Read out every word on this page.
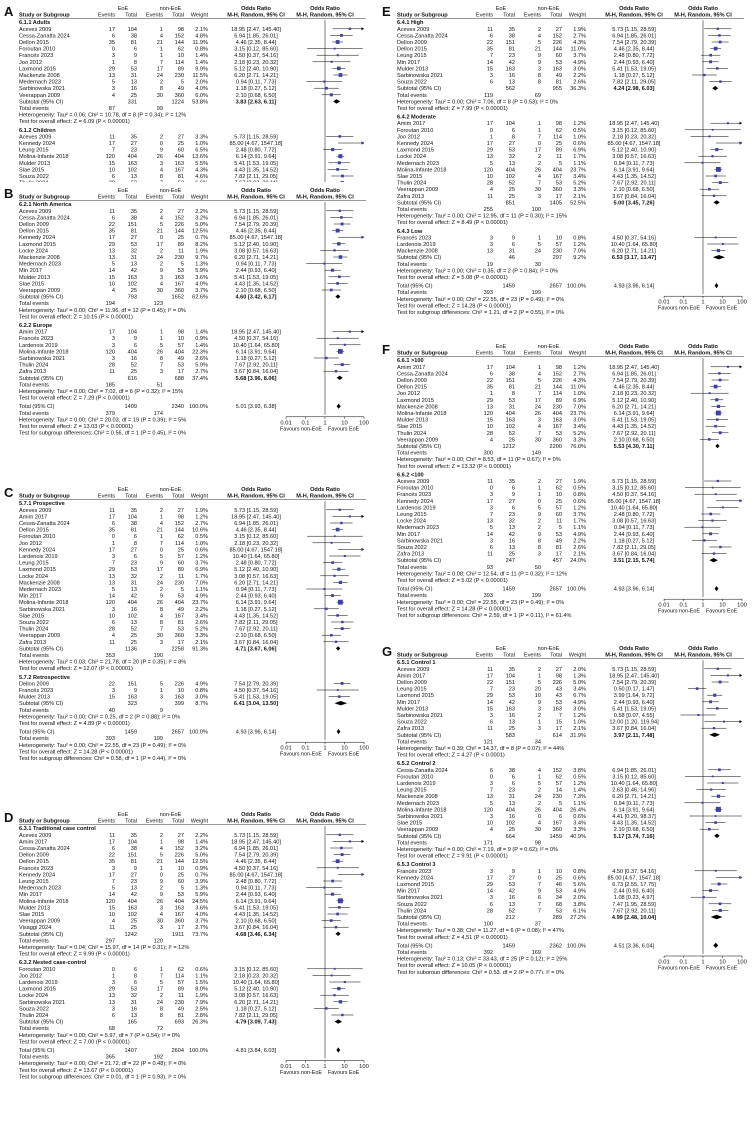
EoE	non-EoE	Odds Ratio	Odds Ratio
Study or Subgroup	Events Total Events Total Weight	M-H, Random, 95% CI M-H, Random, 95% CI
6.1.1 Adults
Aceves 2009	17 104	1	98 2.1%	18.95 [2.47, 145.40]
Cessa-Zanatta 2024	6	38	4 152 4.8%	6.94 [1.85, 26.01]
Dellon 2015	35	81	21 144 11.9%	4.46 [2.35, 8.44]
Foroutan 2010	0	6	1	62 0.8%	3.15 [0.12, 85.60]
Francés 2023	3	9	1	10 1.4%	4.50 [0.37, 54.16]
Joo 2012	1	8	7 114 1.4%	2.18 [0.23, 20.32]
Laxmond 2015	29	53	17	89 9.9%	5.12 [2.40, 10.90]
Mackenzie 2008	13	31	24 230 11.5%	6.20 [2.71, 14.21]
Medernach 2023	5	13	2	5 2.0%	0.94 [0.11, 7.73]
Sarbinowska 2021	3	16	8	49 4.0%	1.18 [0.27, 5.12]
Veerappan 2009	4	25	30 360 6.0%	2.10 [0.68, 6.50]
Subtotal (95% CI)	331	1224 53.8%	3.83 [2.63, 6.11]
Total events	87	99
Heterogeneity: Tau² = 0.06; Chi² = 10.78, df = 8 (P = 0.34); I² = 12%
Test for overall effect: Z = 6.09 (P < 0.00001)
6.1.2 Children
Aceves 2009	11	35	2	27 3.3%	5.73 [1.15, 28.59]
Kennedy 2024	17	27	0	25 1.0%	85.00 [4.67, 1547.18]
Leung 2015	7	23	9	60 6.5%	2.48 [0.80, 7.72]
Molina-Infante 2018	120 404	26 404 13.6%	6.14 [3.91, 9.64]
Mulder 2013	15 163	3 163 5.5%	5.41 [1.53, 19.05]
Slae 2015	10 102	4 167 4.3%	4.43 [1.35, 14.52]
Souza 2022	6	13	8	81 4.6%	7.82 [2.11, 29.05]
A
EoE	non-EoE	Odds Ratio	Odds Ratio
Study or Subgroup	Events Total Events Total Weight	M-H, Random, 95% CI M-H, Random, 95% CI
6.2.1 North America
Aceves 2009	11	35	2	27 2.2%	5.73 [1.15, 28.59]
Cessa-Zanatta 2024	6	38	4 152 3.2%	6.94 [1.85, 26.01]
Dellon 2009	22 151	5 226 5.0%	7.54 [2.79, 20.39]
Dellon 2015	35	81	21 144 12.5%	4.46 [2.35, 8.44]
Kennedy 2024	17	27	0	25 0.7%	85.00 [4.67, 1547.18]
Laxmond 2015	29	53	17	89 8.2%	5.12 [2.40, 10.90]
Locke 2024	13	32	2	11 1.9%	3.08 [0.57, 16.63]
Mackenzie 2008	13	31	24 230 9.7%	6.20 [2.71, 14.21]
Medernach 2023	5	13	2	5 1.3%	0.94 [0.11, 7.73]
Min 2017	14	42	9	53 5.9%	2.44 [0.93, 6.40]
Mulder 2013	15 163	3 163 3.6%	5.41 [1.53, 19.05]
Slae 2015	10 102	4 167 4.0%	4.43 [1.35, 14.52]
Veerappan 2009	4	25	30 360 3.7%	2.10 [0.68, 6.50]
Subtotal (95% CI)	793	1652 62.6%	4.60 [3.42, 6.17]
Total events	194	123
Heterogeneity: Tau² = 0.00; Chi² = 11.96, df = 12 (P = 0.45); I² = 0%
Test for overall effect: Z = 10.15 (P < 0.00001)
6.2.2 Europe
Amim 2017	17 104	1	98 1.4%	18.95 [2.47, 145.40]
Francés 2023	3	9	1	10 0.9%	4.50 [0.37, 54.16]
Lardenois 2019	3	6	5	57 1.4%	10.40 [1.64, 65.80]
Molina-Infante 2018	120 404	26 404 22.3%	6.14 [3.91, 9.64]
Sarbinowska 2021	3	16	8	49 2.6%	1.18 [0.27, 5.12]
Thulin 2024	28	52	7	53 5.9%	7.67 [2.92, 20.11]
Zafra 2013	11	25	3	17 2.7%	3.67 [0.84, 16.04]
Subtotal (95% CI)	616	688 37.4%	5.68 [3.96, 8.06]
Total events	185	51
Heterogeneity: Tau² = 0.00; Chi² = 7.02, df = 6 (P = 0.32); I² = 15%
Test for overall effect: Z = 7.29 (P < 0.00001)
Total (95% CI)	1409	2340 100.0%	5.01 [3.93, 6.38]
Total events	379	174
Heterogeneity: Tau² = 0.00; Chi² = 20.03, df = 19 (P = 0.39); I² = 5%
Test for overall effect: Z = 13.03 (P < 0.00001)
Test for subgroup differences: Chi² = 0.56, df = 1 (P = 0.45), I² = 0%
0.01 0.1 1	10 100
Favours non-EoE Favours EoE
B
EoE	non-EoE	Odds Ratio	Odds Ratio
Study or Subgroup	Events Total Events Total Weight	M-H, Random, 95% CI M-H, Random, 95% CI
5.7.1 Prospective
Aceves 2009	11	35	2	27 1.9%	5.73 [1.15, 28.59]
Amim 2017	17 104	1	98 1.2%	18.95 [2.47, 145.40]
Cessa-Zanatta 2024	6	38	4 152 2.7%	6.94 [1.85, 26.01]
Dellon 2015	35	81	21 144 10.6%	4.46 [2.35, 8.44]
Foroutan 2010	0	6	1	62 0.5%	3.15 [0.12, 85.60]
Joo 2012	1	8	7 114 1.0%	2.18 [0.23, 20.32]
Kennedy 2024	17	27	0	25 0.6%	85.00 [4.67, 1547.18]
Lardenois 2019	3	6	5	57 1.2%	10.40 [1.64, 65.80]
Leung 2015	7	23	9	60 3.7%	2.48 [0.80, 7.72]
Laxmond 2015	29	53	17	89 6.9%	5.12 [2.40, 10.90]
Locke 2024	13	32	2	11 1.7%	3.08 [0.57, 16.63]
Mackenzie 2008	13	31	24 230 7.0%	6.20 [2.71, 14.21]
Medernach 2023	5	13	2	5 1.1%	0.94 [0.11, 7.73]
Min 2017	14	42	9	53 4.9%	2.44 [0.93, 6.40]
Molina-Infante 2018	120 404	26 404 23.7%	6.14 [3.91, 9.64]
Sarbinowska 2021	3	16	8	49 2.2%	1.18 [0.27, 5.12]
Slae 2015	10 102	4 167 3.4%	4.43 [1.35, 14.52]
Souza 2022	6	13	8	81 2.6%	7.82 [2.11, 29.05]
Thulin 2024	28	52	7	53 5.2%	7.67 [2.92, 20.11]
Veerappan 2009	4	25	30 360 3.3%	2.10 [0.68, 6.50]
Zafra 2013	11	25	3	17 2.1%	3.67 [0.84, 16.04]
Subtotal (95% CI)	1136	2258 91.3%	4.71 [3.67, 6.06]
Total events	353	190
Heterogeneity: Tau² = 0.03; Chi² = 21.78, df = 20 (P = 0.35); I² = 8%
Test for overall effect: Z = 12.07 (P < 0.00001)
5.7.2 Retrospective
Dellon 2009	22 151	5 226 4.9%	7.54 [2.79, 20.39]
Francés 2023	3	9	1	10 0.8%	4.50 [0.37, 54.16]
Mulder 2013	15 163	3 163 3.0%	5.41 [1.53, 19.05]
Subtotal (95% CI)	323	399 8.7%	6.41 [3.04, 13.50]
Total events	40	9
Heterogeneity: Tau² = 0.00; Chi² = 0.25, df = 2 (P = 0.88); I² = 0%
Test for overall effect: Z = 4.89 (P < 0.00001)
Total (95% CI)	1459	2657 100.0%	4.93 [3.96, 6.14]
Total events	393	199
Heterogeneity: Tau² = 0.00; Chi² = 22.55, df = 23 (P = 0.49); I² = 0%
Test for overall effect: Z = 14.28 (P < 0.00001)
Test for subgroup differences: Chi² = 0.58, df = 1 (P = 0.44), I² = 0%
0.01 0.1 1	10 100
Favours non-EoE Favours EoE
C
EoE	non-EoE	Odds Ratio	Odds Ratio
Study or Subgroup	Events Total Events Total Weight	M-H, Random, 95% CI M-H, Random, 95% CI
6.3.1 Traditional case control
Aceves 2009	11	35	2	27 2.2%	5.73 [1.15, 28.59]
Amim 2017	17 104	1	98 1.4%	18.95 [2.47, 145.40]
Cessa-Zanatta 2024	6	38	4 152 3.2%	6.94 [1.85, 26.01]
Dellon 2009	22 151	5 226 5.0%	7.54 [2.79, 20.39]
Dellon 2015	35	81	21 144 12.5%	4.46 [2.35, 8.44]
Francés 2023	3	9	1	10 0.9%	4.50 [0.37, 54.16]
Kennedy 2024	17	27	0	25 0.7%	85.00 [4.67, 1547.18]
Leung 2015	7	23	9	60 3.9%	2.48 [0.80, 7.72]
Medernach 2023	5	13	2	5 1.3%	0.94 [0.11, 7.73]
Min 2017	14	42	9	53 5.9%	2.44 [0.93, 6.40]
Molina-Infante 2018	120 404	26 404 24.5%	6.14 [3.91, 9.64]
Mulder 2013	15 163	3 163 3.6%	5.41 [1.53, 19.05]
Slae 2015	10 102	4 167 4.0%	4.43 [1.35, 14.52]
Veerappan 2009	4	25	30 360 3.7%	2.10 [0.68, 6.50]
Visaggi 2024	11	25	3	17 2.7%	3.67 [0.84, 16.04]
Subtotal (95% CI)	1242	1911 73.7%	4.68 [3.46, 6.34]
Total events	297	120
Heterogeneity: Tau² = 0.04; Chi² = 15.97, df = 14 (P = 0.31); I² = 12%
Test for overall effect: Z = 9.99 (P < 0.00001)
6.3.2 Nested case-control
Foroutan 2010	0	6	1	62 0.6%	3.15 [0.12, 85.60]
Joo 2012	1	8	7 114 1.1%	2.18 [0.23, 20.32]
Lardenois 2019	3	6	5	57 1.5%	10.40 [1.64, 65.80]
Laxmond 2015	29	53	17	89 8.0%	5.12 [2.40, 10.90]
Locke 2024	13	32	2	11 1.9%	3.08 [0.57, 16.63]
Sarbinowska 2021	13	31	24 230 7.9%	6.20 [2.71, 14.21]
Souza 2022	3	16	8	49 2.5%	1.18 [0.27, 5.12]
Thulin 2024	6	13	8	81 2.8%	7.82 [2.11, 29.05]
Subtotal (95% CI)	165	693 26.3%	4.79 [3.09, 7.43]
Total events	68	72
Heterogeneity: Tau² = 0.00; Chi² = 5.97, df = 7 (P = 0.54); I² = 0%
Test for overall effect: Z = 7.00 (P < 0.00001)
Total (95% CI)	1407	2604 100.0%	4.81 [3.84, 6.03]
Total events	365	192
Heterogeneity: Tau² = 0.00; Chi² = 21.72, df = 22 (P = 0.48); I² = 0%
Test for overall effect: Z = 13.67 (P < 0.00001)
Test for subgroup differences: Chi² = 0.01, df = 1 (P = 0.93), I² = 0%
0.01 0.1 1	10 100
Favours non-EoE Favours EoE
D
EoE	non-EoE	Odds Ratio	Odds Ratio
Study or Subgroup	Events Total Events Total Weight	M-H, Random, 95% CI M-H, Random, 95% CI
6.4.1 High
Aceves 2009	11	35	2	27 1.9%	5.73 [1.15, 28.59]
Cessa-Zanatta 2024	6	38	4 152 2.7%	6.94 [1.85, 26.01]
Dellon 2009	22 151	5 226 4.3%	7.54 [2.79, 20.39]
Dellon 2015	35	81	21 144 11.0%	4.46 [2.35, 8.44]
Leung 2015	7	23	9	60 3.7%	2.48 [0.80, 7.72]
Min 2017	14	42	9	53 4.9%	2.44 [0.93, 6.40]
Mulder 2013	15 163	3 163 3.0%	5.41 [1.53, 19.05]
Sarbinowska 2021	3	16	8	49 2.2%	1.18 [0.27, 5.12]
Souza 2022	6	13	8	81 2.6%	7.82 [2.11, 29.05]
Subtotal (95% CI)	562	955 36.3%	4.24 [2.98, 6.03]
Total events	119	69
Heterogeneity: Tau² = 0.00; Chi² = 7.06, df = 8 (P = 0.53); I² = 0%
Test for overall effect: Z = 7.99 (P < 0.00001)
6.4.2 Moderate
Amim 2017	17 104	1	98 1.2%	18.95 [2.47, 145.40]
Foroutan 2010	0	6	1	62 0.5%	3.15 [0.12, 85.60]
Joo 2012	1	8	7 114 1.0%	2.18 [0.23, 20.32]
Kennedy 2024	17	27	0	25 0.6%	85.00 [4.67, 1547.18]
Laxmond 2015	29	53	17	89 6.9%	5.12 [2.40, 10.90]
Locke 2024	13	32	2	11 1.7%	3.08 [0.57, 16.63]
Medernach 2023	5	13	2	5 1.1%	0.94 [0.11, 7.73]
Molina-Infante 2018	120 404	26 404 23.7%	6.14 [3.91, 9.64]
Slae 2015	10 102	4 167 3.4%	4.43 [1.35, 14.52]
Thulin 2024	28	52	7	53 5.2%	7.67 [2.92, 20.11]
Veerappan 2009	4	25	30 360 3.3%	2.10 [0.68, 6.50]
Zafra 2013	11	25	3	17 2.1%	3.67 [0.84, 16.04]
Subtotal (95% CI)	851	1405 52.5%	5.00 [3.45, 7.26]
Total events	255	100
Heterogeneity: Tau² = 0.00; Chi² = 12.95, df = 11 (P = 0.30); I² = 15%
Test for overall effect: Z = 8.49 (P < 0.00001)
6.4.3 Low
Francés 2023	3	9	1	10 0.8%	4.50 [0.37, 54.16]
Lardenois 2019	3	6	5	57 1.2%	10.40 [1.64, 65.80]
Mackenzie 2008	13	31	24 230 7.0%	6.20 [2.71, 14.21]
Subtotal (95% CI)	46	297 9.2%	6.53 [3.17, 13.47]
Total events	19	30
Heterogeneity: Tau² = 0.00; Chi² = 0.35, df = 2 (P = 0.84); I² = 0%
Test for overall effect: Z = 5.08 (P < 0.00001)
Total (95% CI)	1459	2657 100.0%	4.93 [3.96, 6.14]
Total events	393	199
Heterogeneity: Tau² = 0.00; Chi² = 22.55, df = 23 (P = 0.49); I² = 0%
Test for overall effect: Z = 14.28 (P < 0.00001)
Test for subgroup differences: Chi² = 1.21, df = 2 (P = 0.55), I² = 0%
0.01 0.1 1	10 100
Favours non-EoE Favours EoE
E
EoE	non-EoE	Odds Ratio	Odds Ratio
Study or Subgroup	Events Total Events Total Weight	M-H, Random, 95% CI M-H, Random, 95% CI
6.6.1 >100
Amim 2017	17 104	1	98 1.2%	18.95 [2.47, 145.40]
Cessa-Zanatta 2024	6	38	4 152 2.7%	6.94 [1.85, 26.01]
Dellon 2009	22 151	5 226 4.3%	7.54 [2.79, 20.39]
Dellon 2015	35	81	21 144 11.0%	4.46 [2.35, 8.44]
Joo 2012	1	8	7 114 1.0%	2.18 [0.23, 20.32]
Laxmond 2015	29	53	17	89 6.9%	5.12 [2.40, 10.90]
Mackenzie 2008	13	31	24 230 7.0%	6.20 [2.71, 14.21]
Molina-Infante 2018	120 404	26 404 23.7%	6.14 [3.91, 9.64]
Mulder 2013	15 163	3 163 3.0%	5.41 [1.53, 19.05]
Slae 2015	10 102	4 167 3.4%	4.43 [1.35, 14.52]
Thulin 2024	28	52	7	53 5.2%	7.67 [2.92, 20.11]
Veerappan 2009	4	25	30 360 3.3%	2.10 [0.68, 6.50]
Subtotal (95% CI)	1212	2200 76.0%	5.53 [4.30, 7.11]
Total events	300	149
Heterogeneity: Tau² = 0.00; Chi² = 8.53, df = 11 (P = 0.67); I² = 0%
Test for overall effect: Z = 13.32 (P < 0.00001)
6.6.2 <100
Aceves 2009	11	35	2	27 1.9%	5.73 [1.15, 28.59]
Foroutan 2010	0	6	1	62 0.5%	3.15 [0.12, 85.60]
Francés 2023	3	9	1	10 0.8%	4.50 [0.37, 54.16]
Kennedy 2024	17	27	0	25 0.6%	85.00 [4.67, 1547.18]
Lardenois 2019	3	6	5	57 1.2%	10.40 [1.64, 65.80]
Leung 2015	7	23	9	60 3.7%	2.48 [0.80, 7.72]
Locke 2024	13	32	2	11 1.7%	3.08 [0.57, 16.63]
Medernach 2023	5	13	2	5 1.1%	0.94 [0.11, 7.73]
Min 2017	14	42	9	53 4.9%	2.44 [0.93, 6.40]
Sarbinowska 2021	3	16	8	49 2.2%	1.18 [0.27, 5.12]
Souza 2022	6	13	8	81 2.6%	7.82 [2.11, 29.05]
Zafra 2013	11	25	3	17 2.1%	3.67 [0.84, 16.04]
Subtotal (95% CI)	247	457 24.0%	3.51 [2.15, 5.74]
Total events	93	50
Heterogeneity: Tau² = 0.08; Chi² = 12.54, df = 11 (P = 0.32); I² = 12%
Test for overall effect: Z = 5.02 (P < 0.00001)
Total (95% CI)	1459	2657 100.0%	4.93 [3.96, 6.14]
Total events	393	199
Heterogeneity: Tau² = 0.00; Chi² = 22.55, df = 23 (P = 0.49); I² = 0%
Test for overall effect: Z = 14.28 (P < 0.00001)
Test for subgroup differences: Chi² = 2.59, df = 1 (P = 0.11), I² = 61.4%
0.01 0.1 1	10 100
Favours non-EoE Favours EoE
F
EoE	non-EoE	Odds Ratio	Odds Ratio
Study or Subgroup	Events Total Events Total Weight	M-H, Random, 95% CI M-H, Random, 95% CI
6.5.1 Control 1
Aceves 2009	11	35	2	27 2.0%	5.73 [1.15, 28.59]
Amim 2017	17 104	1	98 1.3%	18.95 [2.47, 145.40]
Dellon 2009	22 151	5 226 5.0%	7.54 [2.79, 20.39]
Leung 2015	7	23	20	43 3.4%	0.50 [0.17, 1.47]
Laxmond 2015	29	53	10	43 6.7%	3.99 [1.64, 9.72]
Min 2017	14	42	9	53 4.9%	2.44 [0.93, 6.40]
Mulder 2013	15 163	3 163 3.0%	5.41 [1.53, 19.05]
Sarbinowska 2021	3	16	2	7 1.2%	0.58 [0.07, 4.55]
Souza 2022	6	13	1	15 1.0%	12.00 [1.20, 119.94]
Zafra 2013	11	25	3	17 2.1%	3.67 [0.84, 16.04]
Subtotal (95% CI)	583	614 31.9%	3.97 [2.11, 7.48]
Total events	121	34
Heterogeneity: Tau² = 0.39; Chi² = 14.37, df = 8 (P = 0.07); I² = 44%
Test for overall effect: Z = 4.27 (P < 0.0001)
6.5.2 Control 2
Cessa-Zanatta 2024	6	38	4 152 3.8%	6.94 [1.85, 26.01]
Foroutan 2010	0	6	1	62 0.5%	3.15 [0.12, 85.60]
Lardenois 2019	3	6	5	57 1.2%	10.40 [1.64, 65.80]
Leung 2015	7	23	2	14 1.4%	2.63 [0.46, 14.96]
Mackenzie 2008	13	31	24 230 7.3%	6.20 [2.71, 14.21]
Medernach 2023	5	13	2	5 1.1%	0.94 [0.11, 7.73]
Molina-Infante 2018	120 404	26 404 26.4%	6.14 [3.91, 9.64]
Sarbinowska 2021	3	16	0	6 0.6%	4.41 [0.20, 98.37]
Slae 2015	10 102	4 167 3.4%	4.43 [1.35, 14.52]
Veerappan 2009	4	25	30 360 3.3%	2.10 [0.68, 6.50]
Subtotal (95% CI)	664	1459 40.9%	5.17 [3.74, 7.16]
Total events	171	98
Heterogeneity: Tau² = 0.00; Chi² = 7.19, df = 9 (P = 0.62); I² = 0%
Test for overall effect: Z = 9.91 (P < 0.00001)
6.5.3 Control 3
Francés 2023	3	9	1	10 0.8%	4.50 [0.37, 54.16]
Kennedy 2024	17	27	0	25 0.6%	85.00 [4.67, 1547.18]
Laxmond 2015	29	53	7	46 5.6%	6.73 [2.55, 17.75]
Min 2017	14	42	9	53 4.9%	2.44 [0.93, 6.40]
Sarbinowska 2021	3	16	6	34 2.0%	1.08 [0.23, 4.97]
Souza 2022	6	13	7	68 3.8%	7.47 [1.95, 28.59]
Thulin 2024	28	52	7	53 6.1%	7.67 [2.92, 20.11]
Subtotal (95% CI)	212	289 27.2%	4.99 [2.48, 10.04]
Total events	100	37
Heterogeneity: Tau² = 0.38; Chi² = 11.27, df = 6 (P = 0.08); I² = 47%
Test for overall effect: Z = 4.51 (P < 0.00001)
Total (95% CI)	1459	2362 100.0%	4.51 [3.36, 6.04]
Total events	392	169
Heterogeneity: Tau² = 0.13; Chi² = 33.43, df = 25 (P = 0.12); I² = 25%
Test for overall effect: Z = 10.05 (P < 0.00001)
Test for subgroup differences: Chi² = 0.53, df = 2 (P = 0.77), I² = 0%
0.01 0.1 1	10 100
Favours non-EoE Favours EoE
G
